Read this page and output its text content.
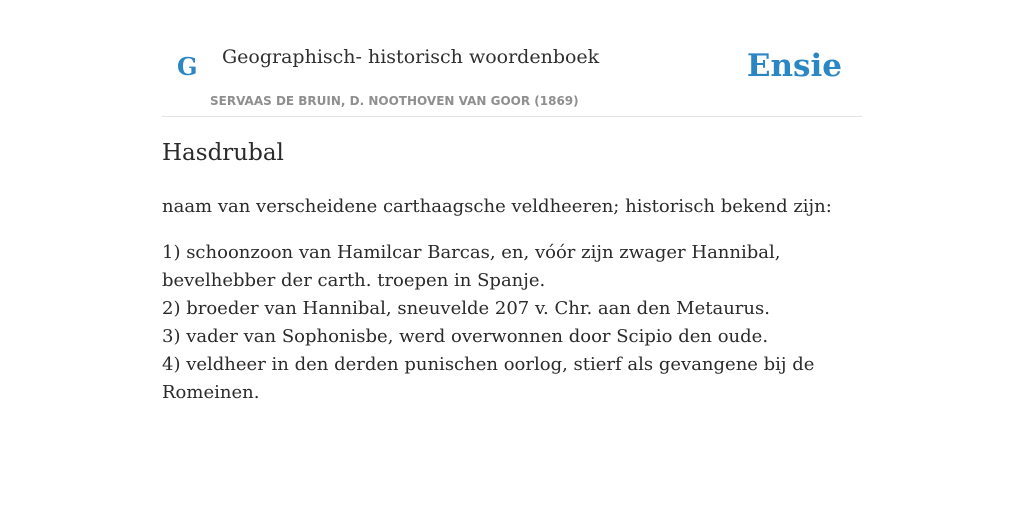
G Geographisch- historisch woordenboek
SERVAAS DE BRUIN, D. NOOTHOVEN VAN GOOR (1869)
Ensie
Hasdrubal

naam van verscheidene carthaagsche veldheeren; historisch bekend zijn:

1) schoonzoon van Hamilcar Barcas, en, vóór zijn zwager Hannibal, bevelhebber der carth. troepen in Spanje.
2) broeder van Hannibal, sneuvelde 207 v. Chr. aan den Metaurus.
3) vader van Sophonisbe, werd overwonnen door Scipio den oude.
4) veldheer in den derden punischen oorlog, stierf als gevangene bij de Romeinen.
